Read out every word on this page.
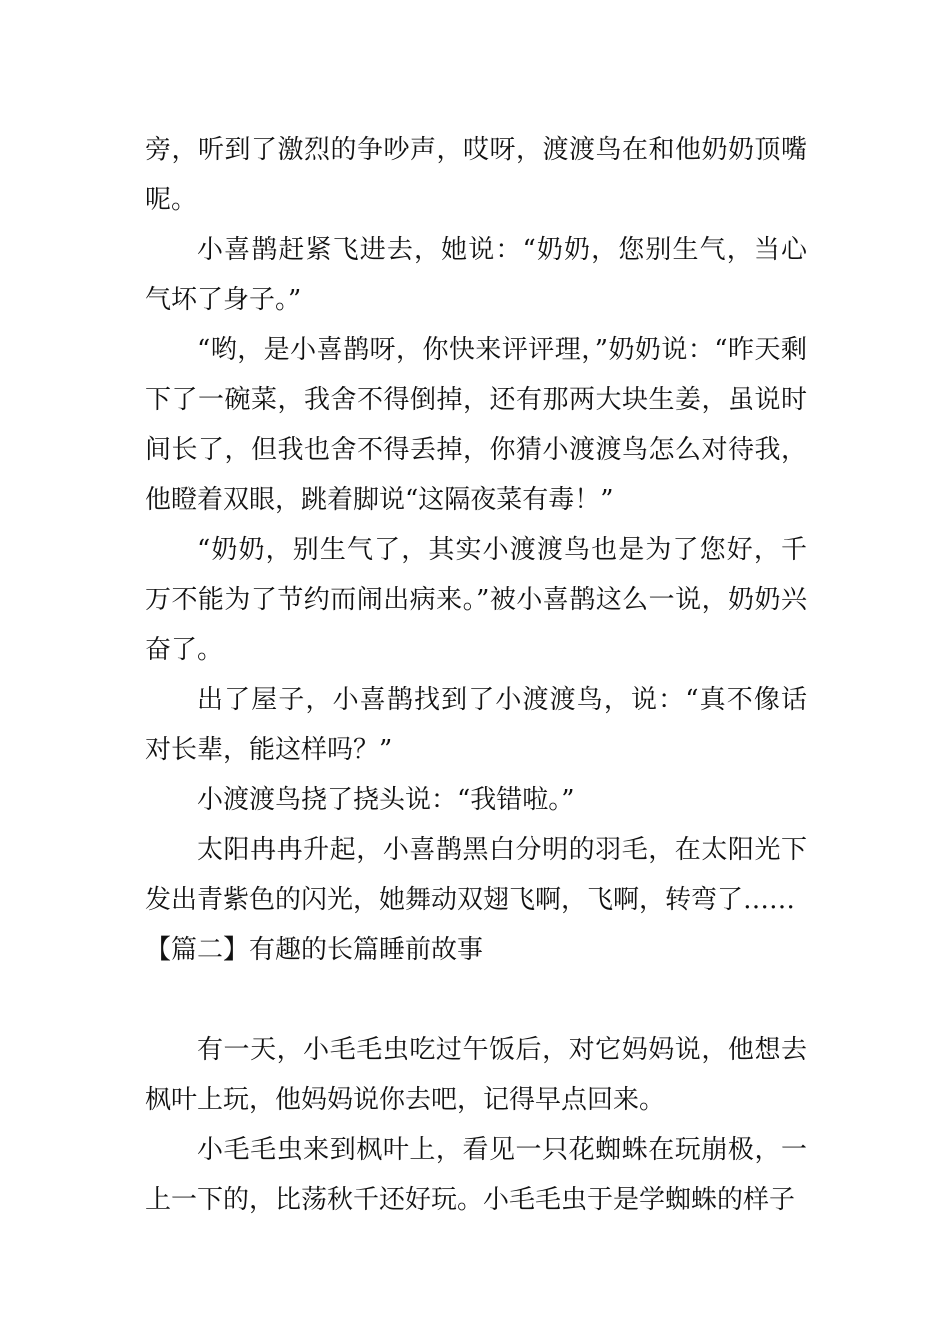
旁，听到了激烈的争吵声，哎呀，渡渡鸟在和他奶奶顶嘴呢。

小喜鹊赶紧飞进去，她说：“奶奶，您别生气，当心气坏了身子。”

“哟，是小喜鹊呀，你快来评评理，”奶奶说：“昨天剩下了一碗菜，我舍不得倒掉，还有那两大块生姜，虽说时间长了，但我也舍不得丢掉，你猜小渡渡鸟怎么对待我，他瞪着双眼，跳着脚说“这隔夜菜有毒！”

“奶奶，别生气了，其实小渡渡鸟也是为了您好，千万不能为了节约而闹出病来。”被小喜鹊这么一说，奶奶兴奋了。

出了屋子，小喜鹊找到了小渡渡鸟，说：“真不像话对长辈，能这样吗？”

小渡渡鸟挠了挠头说：“我错啦。”

太阳冉冉升起，小喜鹊黑白分明的羽毛，在太阳光下发出青紫色的闪光，她舞动双翅飞啊，飞啊，转弯了……

【篇二】有趣的长篇睡前故事

有一天，小毛毛虫吃过午饭后，对它妈妈说，他想去枫叶上玩，他妈妈说你去吧，记得早点回来。

小毛毛虫来到枫叶上，看见一只花蜘蛛在玩崩极，一上一下的，比荡秋千还好玩。小毛毛虫于是学蜘蛛的样子
